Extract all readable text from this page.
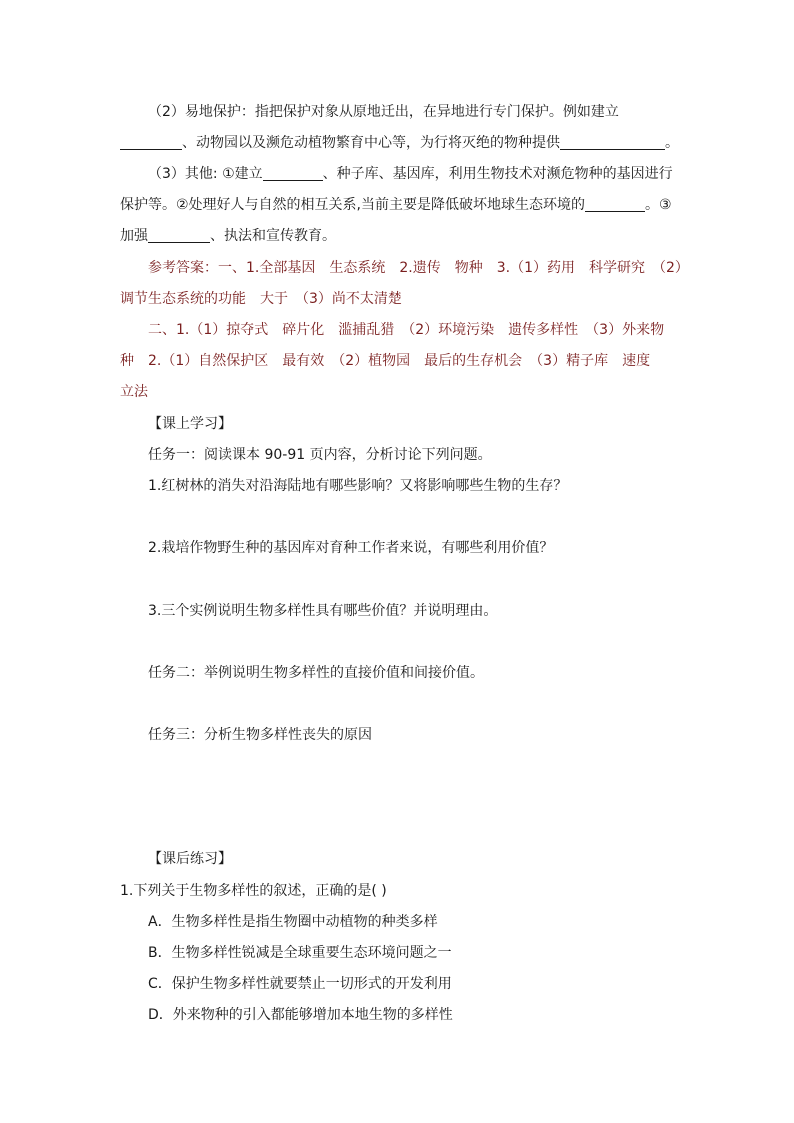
（2）易地保护：指把保护对象从原地迁出，在异地进行专门保护。例如建立
、动物园以及濒危动植物繁育中心等，为行将灭绝的物种提供	。
（3）其他: ①建立	、种子库、基因库，利用生物技术对濒危物种的基因进行
保护等。②处理好人与自然的相互关系,当前主要是降低破坏地球生态环境的	。③
加强	、执法和宣传教育。
参考答案：一、1.全部基因　生态系统　2.遗传　物种　3.（1）药用　科学研究　（2）
调节生态系统的功能　大于　（3）尚不太清楚
二、1.（1）掠夺式　碎片化　滥捕乱猎　（2）环境污染　遗传多样性　（3）外来物
种　2.（1）自然保护区　最有效　（2）植物园　最后的生存机会　（3）精子库　速度
立法
【课上学习】
任务一：阅读课本 90-91 页内容，分析讨论下列问题。
1.红树林的消失对沿海陆地有哪些影响？又将影响哪些生物的生存？
2.栽培作物野生种的基因库对育种工作者来说，有哪些利用价值？
3.三个实例说明生物多样性具有哪些价值？并说明理由。
任务二：举例说明生物多样性的直接价值和间接价值。
任务三：分析生物多样性丧失的原因
【课后练习】
1.下列关于生物多样性的叙述，正确的是( )
A．生物多样性是指生物圈中动植物的种类多样
B．生物多样性锐减是全球重要生态环境问题之一
C．保护生物多样性就要禁止一切形式的开发利用
D．外来物种的引入都能够增加本地生物的多样性
